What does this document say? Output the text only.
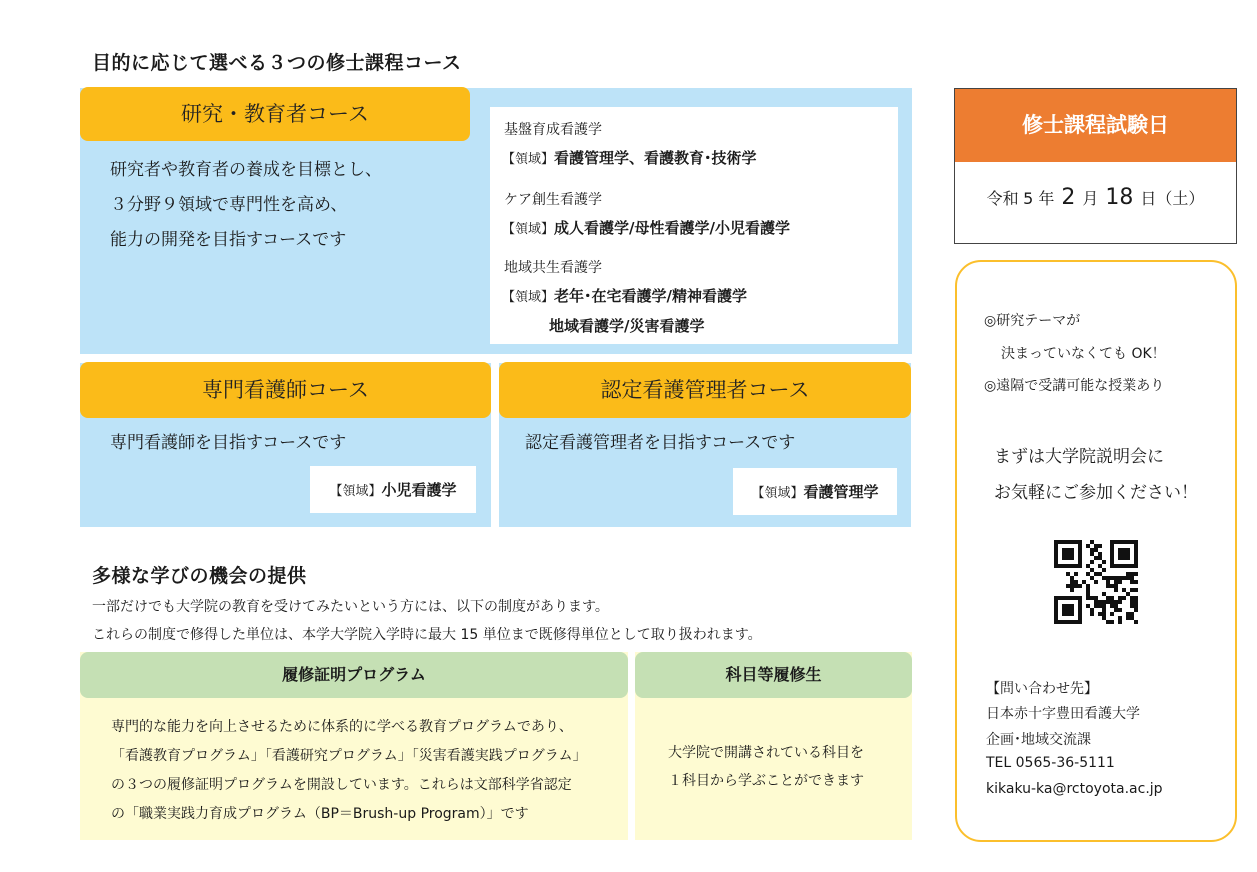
目的に応じて選べる３つの修士課程コース
研究・教育者コース
研究者や教育者の養成を目標とし、
３分野９領域で専門性を高め、
能力の開発を目指すコースです
基盤育成看護学
【領域】看護管理学、看護教育･技術学
ケア創生看護学
【領域】成人看護学/母性看護学/小児看護学
地域共生看護学
【領域】老年･在宅看護学/精神看護学
地域看護学/災害看護学
専門看護師コース
専門看護師を目指すコースです
【領域】小児看護学
認定看護管理者コース
認定看護管理者を目指すコースです
【領域】看護管理学
多様な学びの機会の提供
一部だけでも大学院の教育を受けてみたいという方には、以下の制度があります。
これらの制度で修得した単位は、本学大学院入学時に最大 15 単位まで既修得単位として取り扱われます。
履修証明プログラム
専門的な能力を向上させるために体系的に学べる教育プログラムであり、
「看護教育プログラム」「看護研究プログラム」「災害看護実践プログラム」
の３つの履修証明プログラムを開設しています。これらは文部科学省認定
の「職業実践力育成プログラム（BP＝Brush-up Program）」です
科目等履修生
大学院で開講されている科目を
１科目から学ぶことができます
修士課程試験日
令和 5 年 2 月 18 日（土）
◎研究テーマが
決まっていなくても OK！
◎遠隔で受講可能な授業あり
まずは大学院説明会に
お気軽にご参加ください！
【問い合わせ先】
日本赤十字豊田看護大学
企画･地域交流課
TEL 0565-36-5111
kikaku-ka@rctoyota.ac.jp
